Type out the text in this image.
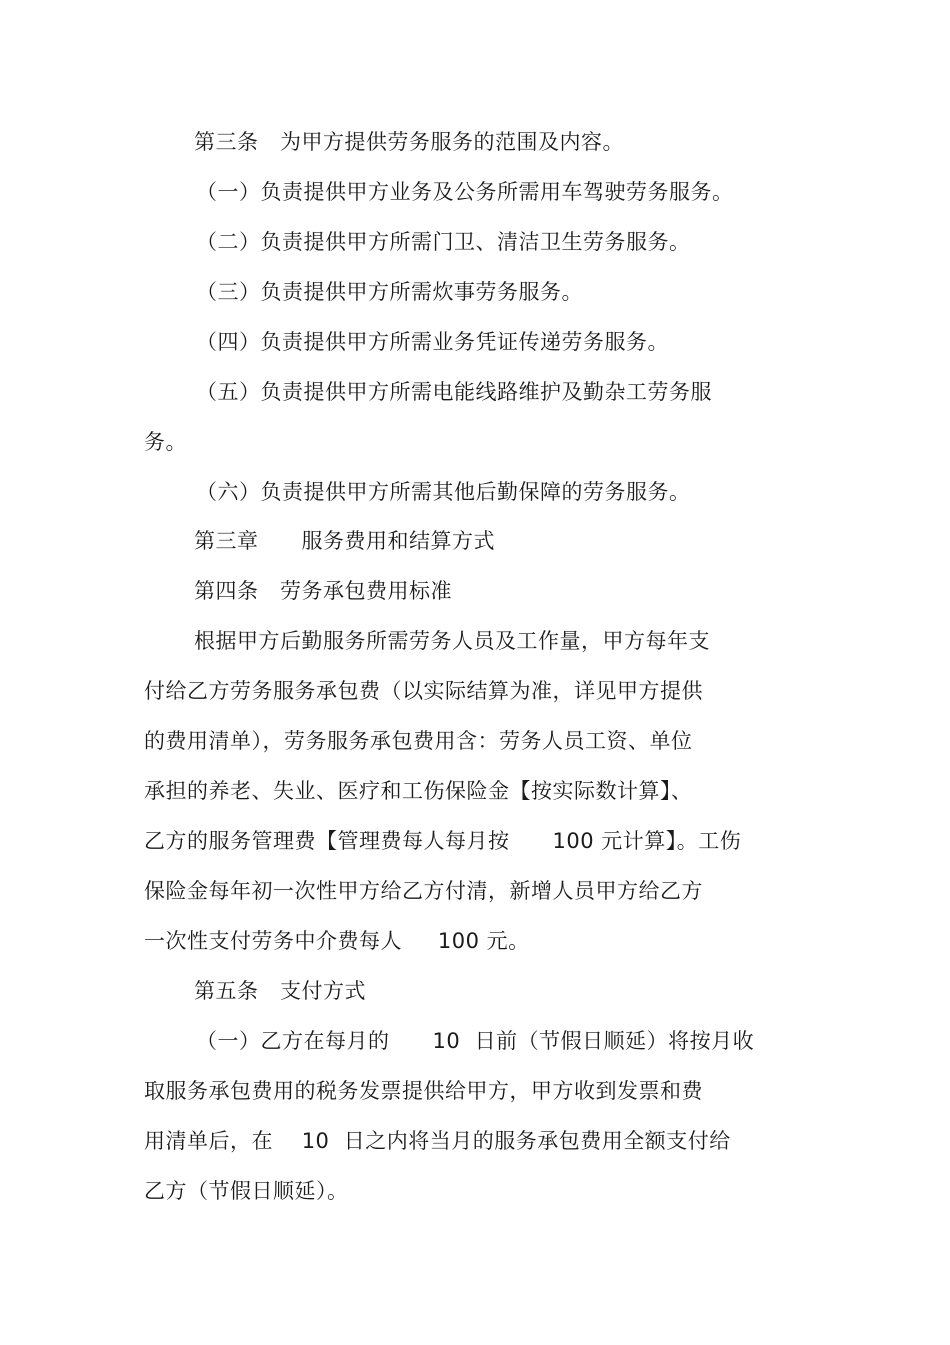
第三条   为甲方提供劳务服务的范围及内容。
（一）负责提供甲方业务及公务所需用车驾驶劳务服务。
（二）负责提供甲方所需门卫、清洁卫生劳务服务。
（三）负责提供甲方所需炊事劳务服务。
（四）负责提供甲方所需业务凭证传递劳务服务。
（五）负责提供甲方所需电能线路维护及勤杂工劳务服
务。
（六）负责提供甲方所需其他后勤保障的劳务服务。
第三章      服务费用和结算方式
第四条   劳务承包费用标准
根据甲方后勤服务所需劳务人员及工作量，甲方每年支
付给乙方劳务服务承包费（以实际结算为准，详见甲方提供
的费用清单），劳务服务承包费用含：劳务人员工资、单位
承担的养老、失业、医疗和工伤保险金【按实际数计算】、
乙方的服务管理费【管理费每人每月按      100 元计算】。工伤
保险金每年初一次性甲方给乙方付清，新增人员甲方给乙方
一次性支付劳务中介费每人     100 元。
第五条   支付方式
（一）乙方在每月的      10  日前（节假日顺延）将按月收
取服务承包费用的税务发票提供给甲方，甲方收到发票和费
用清单后，在    10  日之内将当月的服务承包费用全额支付给
乙方（节假日顺延）。
